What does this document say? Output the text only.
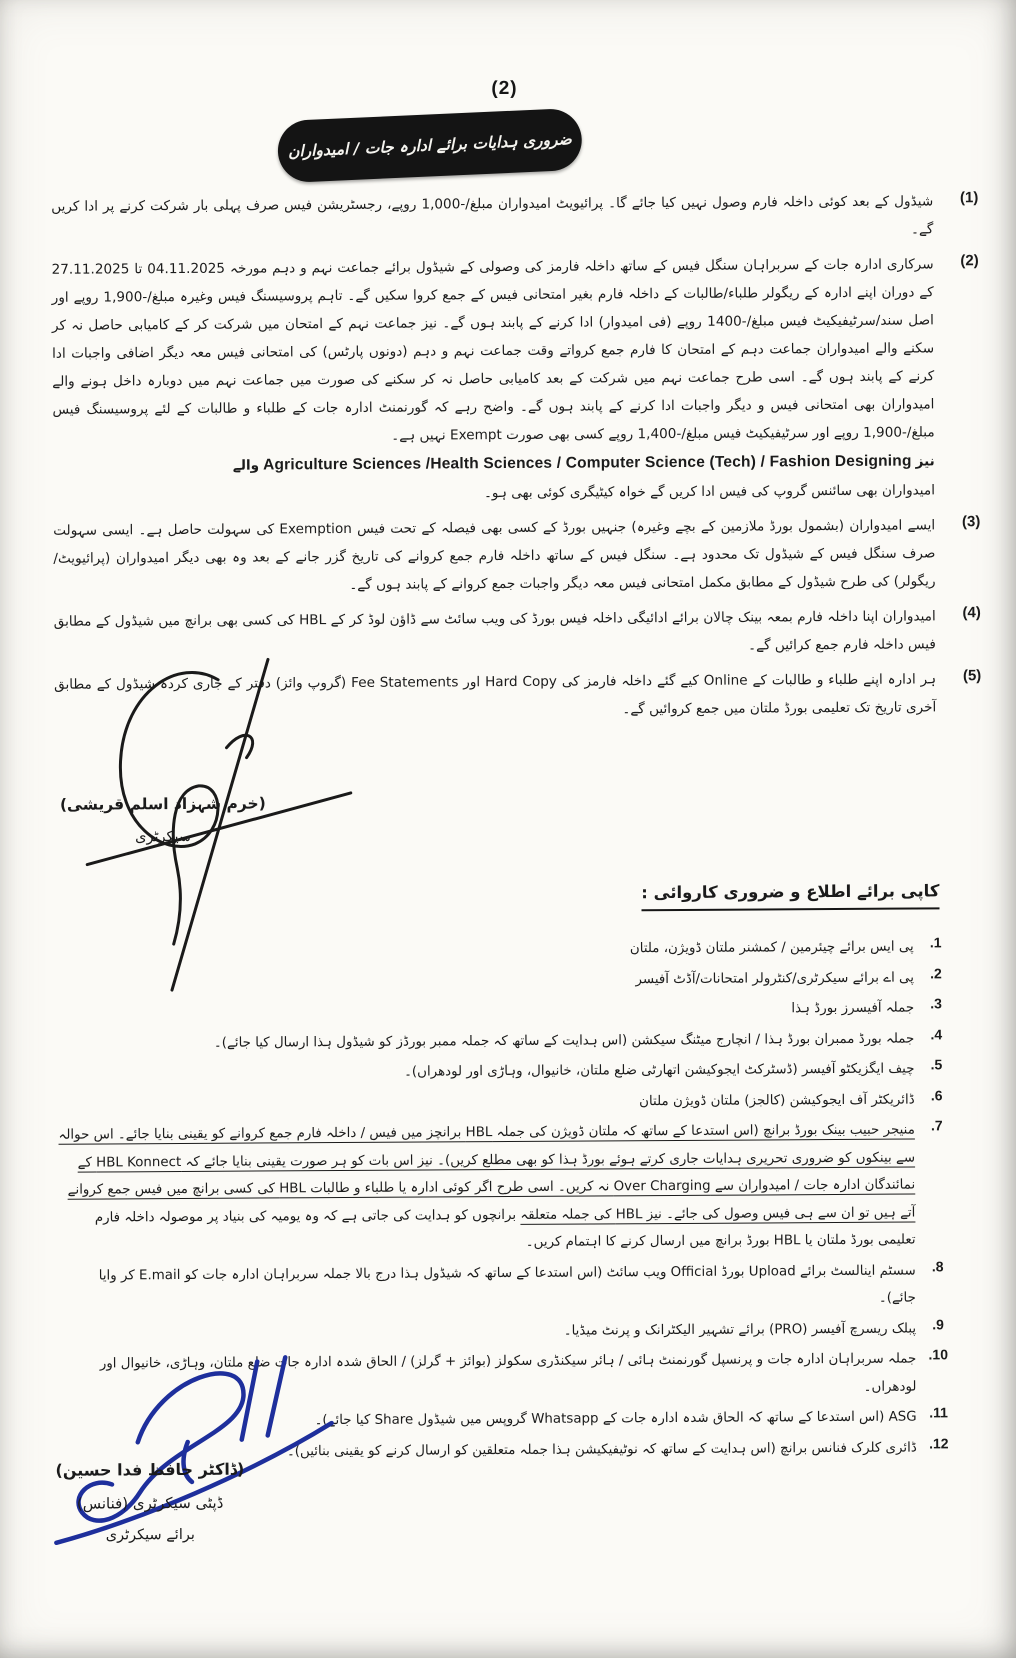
(2)
ضروری ہدایات برائے ادارہ جات / امیدواران
(1)
شیڈول کے بعد کوئی داخلہ فارم وصول نہیں کیا جائے گا۔ پرائیویٹ امیدواران مبلغ/-1,000 روپے، رجسٹریشن فیس صرف پہلی بار شرکت کرنے پر ادا کریں گے۔
(2)
سرکاری ادارہ جات کے سربراہان سنگل فیس کے ساتھ داخلہ فارمز کی وصولی کے شیڈول برائے جماعت نہم و دہم مورخہ 04.11.2025 تا 27.11.2025 کے دوران اپنے ادارہ کے ریگولر طلباء/طالبات کے داخلہ فارم بغیر امتحانی فیس کے جمع کروا سکیں گے۔ تاہم پروسیسنگ فیس وغیرہ مبلغ/-1,900 روپے اور اصل سند/سرٹیفیکیٹ فیس مبلغ/-1400 روپے (فی امیدوار) ادا کرنے کے پابند ہوں گے۔ نیز جماعت نہم کے امتحان میں شرکت کر کے کامیابی حاصل نہ کر سکنے والے امیدواران جماعت دہم کے امتحان کا فارم جمع کرواتے وقت جماعت نہم و دہم (دونوں پارٹس) کی امتحانی فیس معہ دیگر اضافی واجبات ادا کرنے کے پابند ہوں گے۔ اسی طرح جماعت نہم میں شرکت کے بعد کامیابی حاصل نہ کر سکنے کی صورت میں جماعت نہم میں دوبارہ داخل ہونے والے امیدواران بھی امتحانی فیس و دیگر واجبات ادا کرنے کے پابند ہوں گے۔ واضح رہے کہ گورنمنٹ ادارہ جات کے طلباء و طالبات کے لئے پروسیسنگ فیس مبلغ/-1,900 روپے اور سرٹیفیکیٹ فیس مبلغ/-1,400 روپے کسی بھی صورت Exempt نہیں ہے۔
نیز Agriculture Sciences /Health Sciences / Computer Science (Tech) / Fashion Designing والے
امیدواران بھی سائنس گروپ کی فیس ادا کریں گے خواہ کیٹیگری کوئی بھی ہو۔
(3)
ایسے امیدواران (بشمول بورڈ ملازمین کے بچے وغیرہ) جنہیں بورڈ کے کسی بھی فیصلہ کے تحت فیس Exemption کی سہولت حاصل ہے۔ ایسی سہولت صرف سنگل فیس کے شیڈول تک محدود ہے۔ سنگل فیس کے ساتھ داخلہ فارم جمع کروانے کی تاریخ گزر جانے کے بعد وہ بھی دیگر امیدواران (پرائیویٹ/ریگولر) کی طرح شیڈول کے مطابق مکمل امتحانی فیس معہ دیگر واجبات جمع کروانے کے پابند ہوں گے۔
(4)
امیدواران اپنا داخلہ فارم بمعہ بینک چالان برائے ادائیگی داخلہ فیس بورڈ کی ویب سائٹ سے ڈاؤن لوڈ کر کے HBL کی کسی بھی برانچ میں شیڈول کے مطابق فیس داخلہ فارم جمع کرائیں گے۔
(5)
ہر ادارہ اپنے طلباء و طالبات کے Online کیے گئے داخلہ فارمز کی Hard Copy اور Fee Statements (گروپ وائز) دفتر کے جاری کردہ شیڈول کے مطابق آخری تاریخ تک تعلیمی بورڈ ملتان میں جمع کروائیں گے۔
(خرم شہزاد اسلم قریشی)
سیکرٹری
کاپی برائے اطلاع و ضروری کاروائی :
1.
پی ایس برائے چیئرمین / کمشنر ملتان ڈویژن، ملتان
2.
پی اے برائے سیکرٹری/کنٹرولر امتحانات/آڈٹ آفیسر
3.
جملہ آفیسرز بورڈ ہذا
4.
جملہ بورڈ ممبران بورڈ ہذا / انچارج میٹنگ سیکشن (اس ہدایت کے ساتھ کہ جملہ ممبر بورڈز کو شیڈول ہذا ارسال کیا جائے)۔
5.
چیف ایگزیکٹو آفیسر (ڈسٹرکٹ ایجوکیشن اتھارٹی ضلع ملتان، خانیوال، وہاڑی اور لودھراں)۔
6.
ڈائریکٹر آف ایجوکیشن (کالجز) ملتان ڈویژن ملتان
7.
منیجر حبیب بینک بورڈ برانچ (اس استدعا کے ساتھ کہ ملتان ڈویژن کی جملہ HBL برانچز میں فیس / داخلہ فارم جمع کروانے کو یقینی بنایا جائے۔ اس حوالہ سے بینکوں کو ضروری تحریری ہدایات جاری کرتے ہوئے بورڈ ہذا کو بھی مطلع کریں)۔ نیز اس بات کو ہر صورت یقینی بنایا جائے کہ HBL Konnect کے نمائندگان ادارہ جات / امیدواران سے Over Charging نہ کریں۔ اسی طرح اگر کوئی ادارہ یا طلباء و طالبات HBL کی کسی برانچ میں فیس جمع کروانے آتے ہیں تو ان سے ہی فیس وصول کی جائے۔ نیز HBL کی جملہ متعلقہ برانچوں کو ہدایت کی جاتی ہے کہ وہ یومیہ کی بنیاد پر موصولہ داخلہ فارم تعلیمی بورڈ ملتان یا HBL بورڈ برانچ میں ارسال کرنے کا اہتمام کریں۔
8.
سسٹم اینالسٹ برائے Upload بورڈ Official ویب سائٹ (اس استدعا کے ساتھ کہ شیڈول ہذا درج بالا جملہ سربراہان ادارہ جات کو E.mail کر وایا جائے)۔
9.
پبلک ریسرچ آفیسر (PRO) برائے تشہیر الیکٹرانک و پرنٹ میڈیا۔
10.
جملہ سربراہان ادارہ جات و پرنسپل گورنمنٹ ہائی / ہائر سیکنڈری سکولز (بوائز + گرلز) / الحاق شدہ ادارہ جات ضلع ملتان، وہاڑی، خانیوال اور لودھراں۔
11.
ASG (اس استدعا کے ساتھ کہ الحاق شدہ ادارہ جات کے Whatsapp گروپس میں شیڈول Share کیا جائے)۔
12.
ڈائری کلرک فنانس برانچ (اس ہدایت کے ساتھ کہ نوٹیفیکیشن ہذا جملہ متعلقین کو ارسال کرنے کو یقینی بنائیں)۔
(ڈاکٹر حافظ فدا حسین)
ڈپٹی سیکرٹری (فنانس)
برائے سیکرٹری
